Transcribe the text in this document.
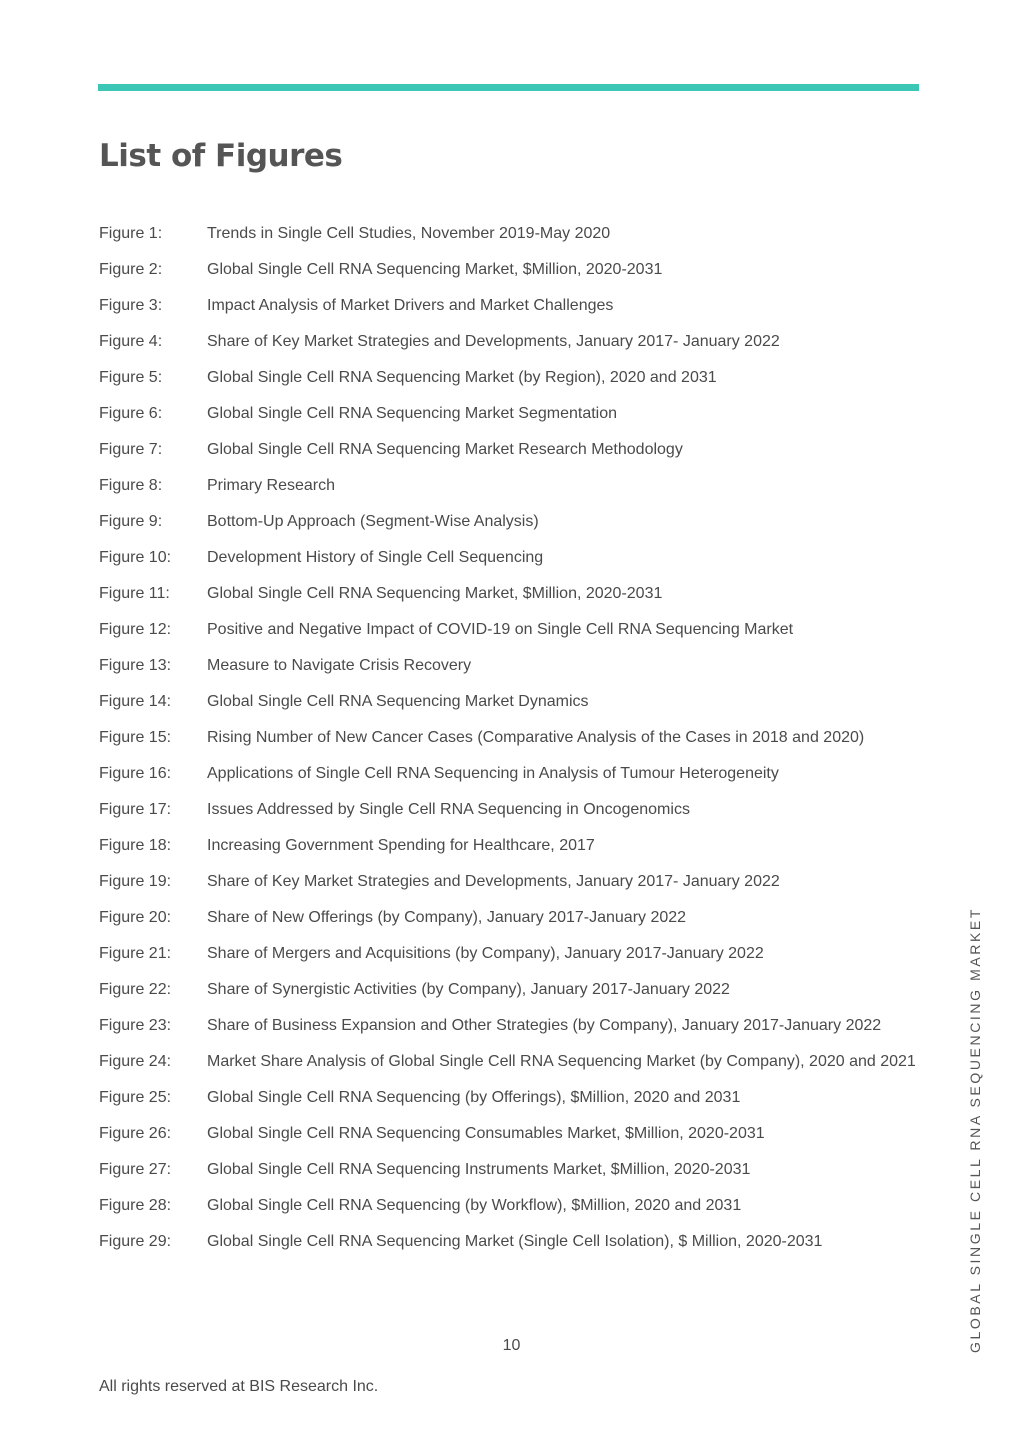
List of Figures
Figure 1:	Trends in Single Cell Studies, November 2019-May 2020
Figure 2:	Global Single Cell RNA Sequencing Market, $Million, 2020-2031
Figure 3:	Impact Analysis of Market Drivers and Market Challenges
Figure 4:	Share of Key Market Strategies and Developments, January 2017- January 2022
Figure 5:	Global Single Cell RNA Sequencing Market (by Region), 2020 and 2031
Figure 6:	Global Single Cell RNA Sequencing Market Segmentation
Figure 7:	Global Single Cell RNA Sequencing Market Research Methodology
Figure 8:	Primary Research
Figure 9:	Bottom-Up Approach (Segment-Wise Analysis)
Figure 10:	Development History of Single Cell Sequencing
Figure 11:	Global Single Cell RNA Sequencing Market, $Million, 2020-2031
Figure 12:	Positive and Negative Impact of COVID-19 on Single Cell RNA Sequencing Market
Figure 13:	Measure to Navigate Crisis Recovery
Figure 14:	Global Single Cell RNA Sequencing Market Dynamics
Figure 15:	Rising Number of New Cancer Cases (Comparative Analysis of the Cases in 2018 and 2020)
Figure 16:	Applications of Single Cell RNA Sequencing in Analysis of Tumour Heterogeneity
Figure 17:	Issues Addressed by Single Cell RNA Sequencing in Oncogenomics
Figure 18:	Increasing Government Spending for Healthcare, 2017
Figure 19:	Share of Key Market Strategies and Developments, January 2017- January 2022
Figure 20:	Share of New Offerings (by Company), January 2017-January 2022
Figure 21:	Share of Mergers and Acquisitions (by Company), January 2017-January 2022
Figure 22:	Share of Synergistic Activities (by Company), January 2017-January 2022
Figure 23:	Share of Business Expansion and Other Strategies (by Company), January 2017-January 2022
Figure 24:	Market Share Analysis of Global Single Cell RNA Sequencing Market (by Company), 2020 and 2021
Figure 25:	Global Single Cell RNA Sequencing (by Offerings), $Million, 2020 and 2031
Figure 26:	Global Single Cell RNA Sequencing Consumables Market, $Million, 2020-2031
Figure 27:	Global Single Cell RNA Sequencing Instruments Market, $Million, 2020-2031
Figure 28:	Global Single Cell RNA Sequencing (by Workflow), $Million, 2020 and 2031
Figure 29:	Global Single Cell RNA Sequencing Market (Single Cell Isolation), $ Million, 2020-2031
10
All rights reserved at BIS Research Inc.
GLOBAL SINGLE CELL RNA SEQUENCING MARKET
